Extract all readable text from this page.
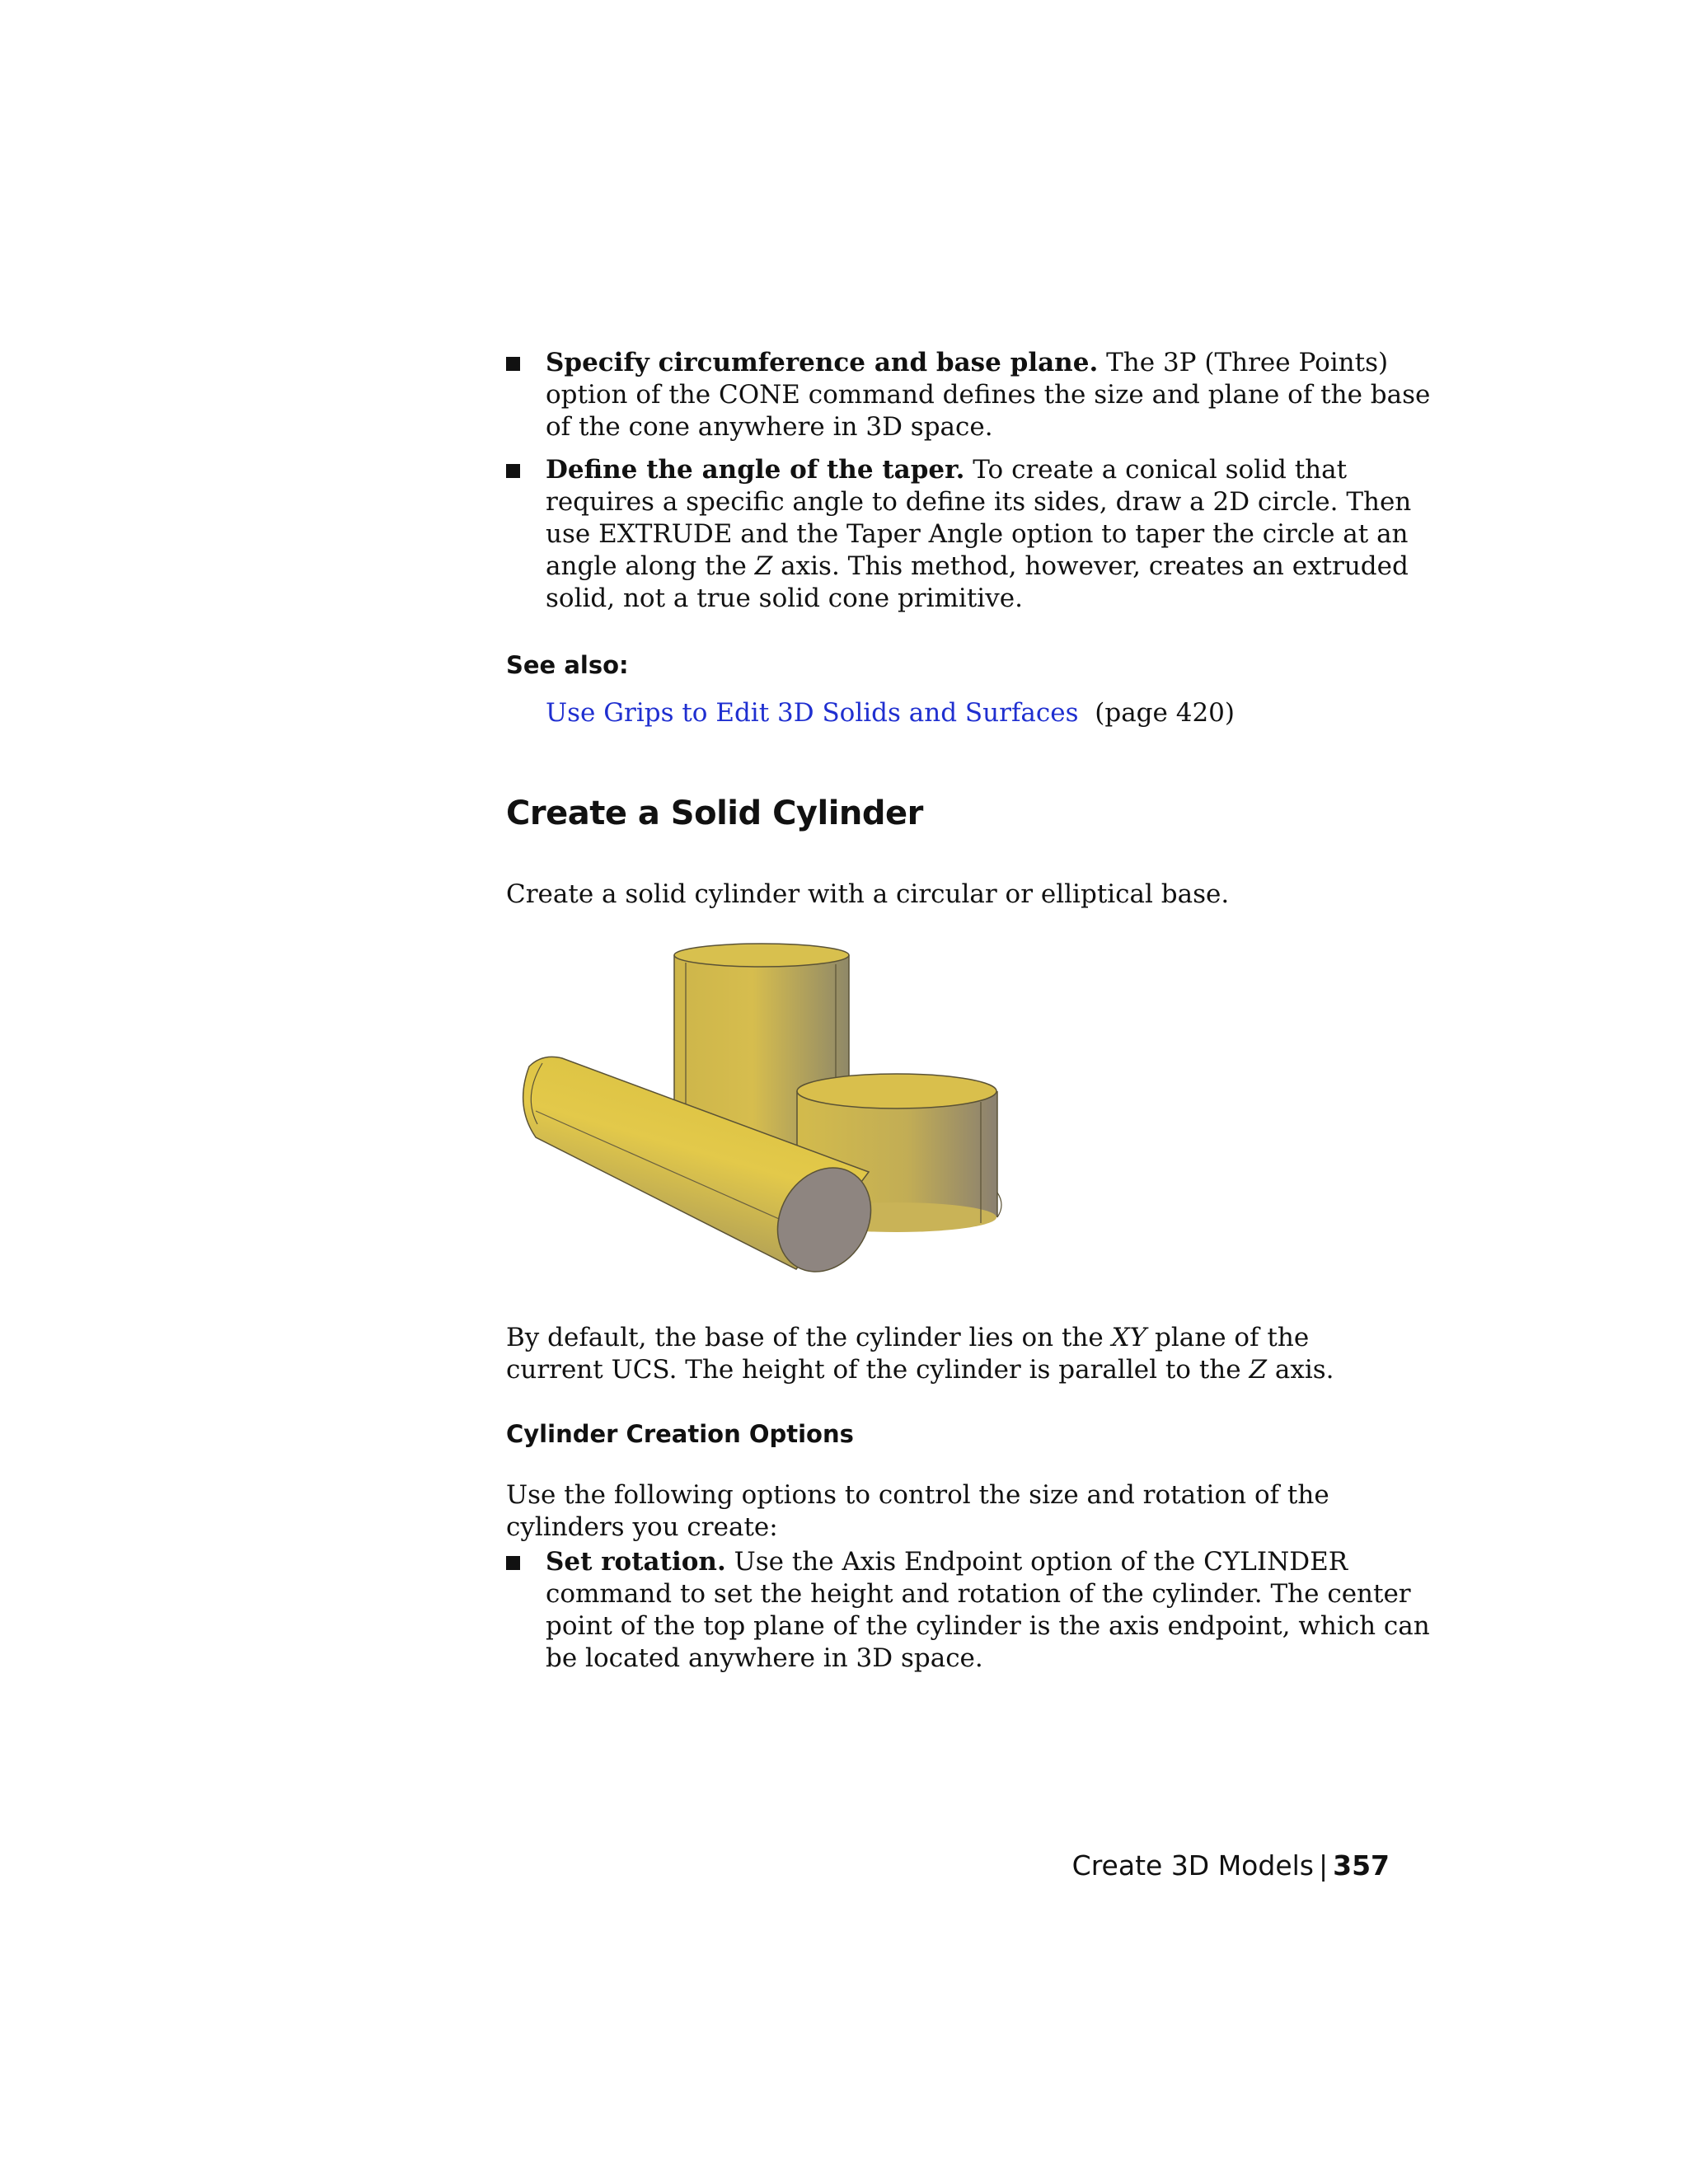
Specify circumference and base plane. The 3P (Three Points) option of the CONE command defines the size and plane of the base of the cone anywhere in 3D space.
Define the angle of the taper. To create a conical solid that requires a specific angle to define its sides, draw a 2D circle. Then use EXTRUDE and the Taper Angle option to taper the circle at an angle along the Z axis. This method, however, creates an extruded solid, not a true solid cone primitive.
See also:
Use Grips to Edit 3D Solids and Surfaces (page 420)
Create a Solid Cylinder
Create a solid cylinder with a circular or elliptical base.
By default, the base of the cylinder lies on the XY plane of the current UCS. The height of the cylinder is parallel to the Z axis.
Cylinder Creation Options
Use the following options to control the size and rotation of the cylinders you create:
Set rotation. Use the Axis Endpoint option of the CYLINDER command to set the height and rotation of the cylinder. The center point of the top plane of the cylinder is the axis endpoint, which can be located anywhere in 3D space.
Create 3D Models | 357
